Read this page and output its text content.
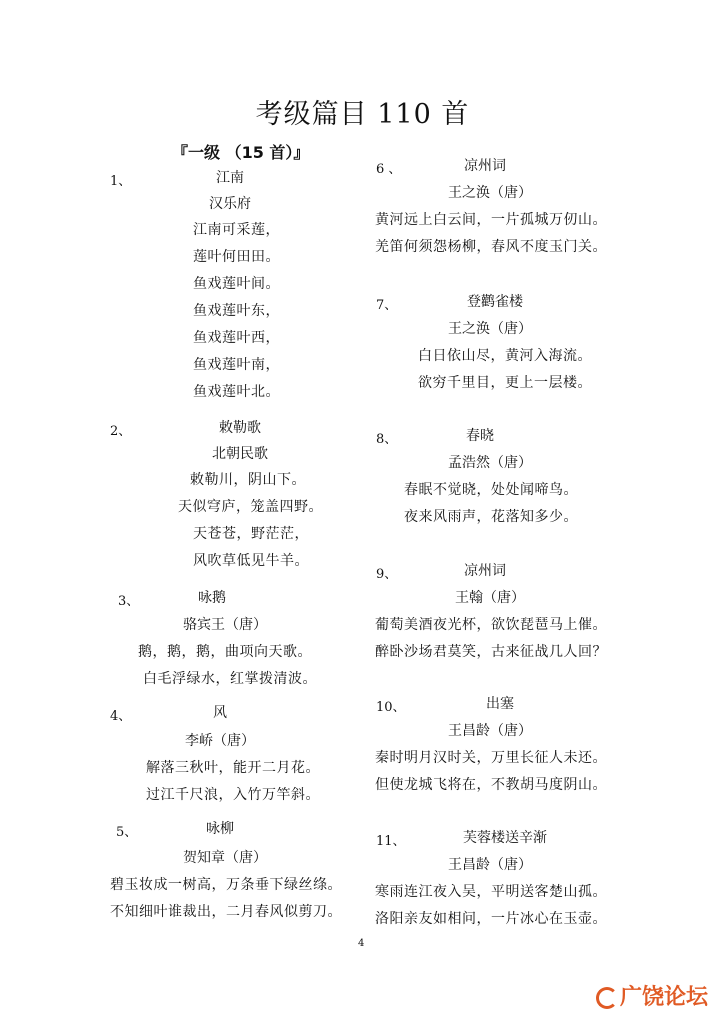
考级篇目 110 首
『一级 （15 首）』
1、	江南
汉乐府
江南可采莲，
莲叶何田田。
鱼戏莲叶间。
鱼戏莲叶东，
鱼戏莲叶西，
鱼戏莲叶南，
鱼戏莲叶北。
2、	敕勒歌
北朝民歌
敕勒川，阴山下。
天似穹庐，笼盖四野。
天苍苍，野茫茫，
风吹草低见牛羊。
3、	咏鹅
骆宾王（唐）
鹅，鹅，鹅，曲项向天歌。
白毛浮绿水，红掌拨清波。
4、	风
李峤（唐）
解落三秋叶，能开二月花。
过江千尺浪，入竹万竿斜。
5、	咏柳
贺知章（唐）
碧玉妆成一树高，万条垂下绿丝绦。
不知细叶谁裁出，二月春风似剪刀。
6 、	凉州词
王之涣（唐）
黄河远上白云间，一片孤城万仞山。
羌笛何须怨杨柳，春风不度玉门关。
7、	登鹳雀楼
王之涣（唐）
白日依山尽，黄河入海流。
欲穷千里目，更上一层楼。
8、	春晓
孟浩然（唐）
春眠不觉晓，处处闻啼鸟。
夜来风雨声，花落知多少。
9、	凉州词
王翰（唐）
葡萄美酒夜光杯，欲饮琵琶马上催。
醉卧沙场君莫笑，古来征战几人回？
10、	出塞
王昌龄（唐）
秦时明月汉时关，万里长征人未还。
但使龙城飞将在，不教胡马度阴山。
11、	芙蓉楼送辛渐
王昌龄（唐）
寒雨连江夜入吴，平明送客楚山孤。
洛阳亲友如相问，一片冰心在玉壶。
4
广饶论坛
